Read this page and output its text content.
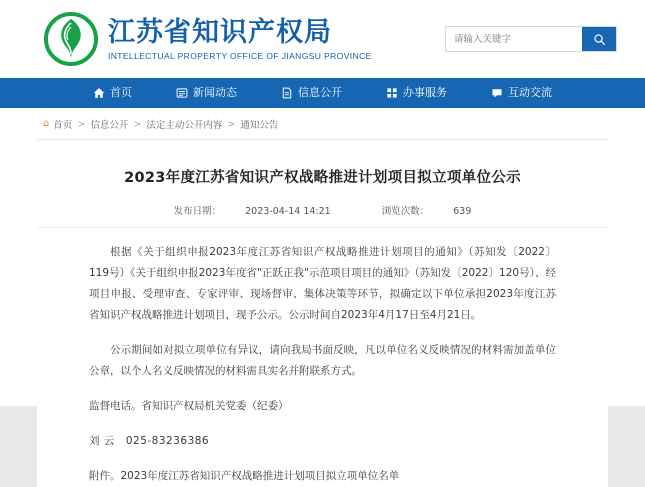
江苏省知识产权局
INTELLECTUAL PROPERTY OFFICE OF JIANGSU PROVINCE
请输入关键字
首页	新闻动态	信息公开	办事服务	互动交流
⌂ 首页 > 信息公开 > 法定主动公开内容 > 通知公告
2023年度江苏省知识产权战略推进计划项目拟立项单位公示
发布日期：	2023-04-14 14:21	浏览次数：	639

根据《关于组织申报2023年度江苏省知识产权战略推进计划项目的通知》（苏知发〔2022〕119号）《关于组织申报2023年度省"正跃正我"示范项目项目的通知》（苏知发〔2022〕120号）、经项目申报、受理审查、专家评审、现场督审、集体决策等环节，拟确定以下单位承担2023年度江苏省知识产权战略推进计划项目，现予公示。公示时间自2023年4月17日至4月21日。

公示期间如对拟立项单位有异议，请向我局书面反映，凡以单位名义反映情况的材料需加盖单位公章，以个人名义反映情况的材料需具实名并附联系方式。

监督电话。省知识产权局机关党委（纪委）

刘 云　025-83236386

附件。2023年度江苏省知识产权战略推进计划项目拟立项单位名单
